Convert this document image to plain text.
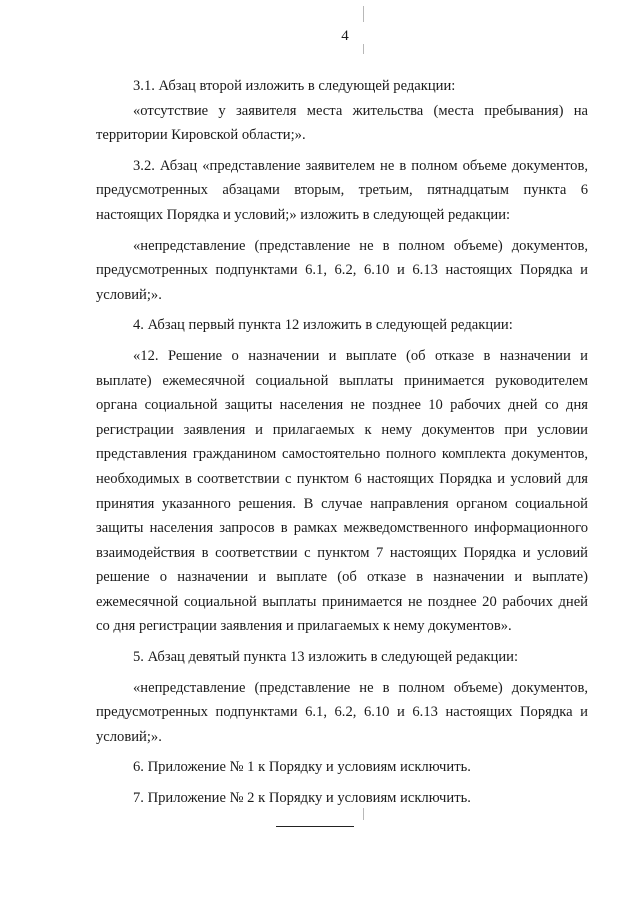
4

3.1. Абзац второй изложить в следующей редакции:

«отсутствие у заявителя места жительства (места пребывания) на территории Кировской области;».

3.2. Абзац «представление заявителем не в полном объеме документов, предусмотренных абзацами вторым, третьим, пятнадцатым пункта 6 настоящих Порядка и условий;» изложить в следующей редакции:

«непредставление (представление не в полном объеме) документов, предусмотренных подпунктами 6.1, 6.2, 6.10 и 6.13 настоящих Порядка и условий;».

4. Абзац первый пункта 12 изложить в следующей редакции:

«12. Решение о назначении и выплате (об отказе в назначении и выплате) ежемесячной социальной выплаты принимается руководителем органа социальной защиты населения не позднее 10 рабочих дней со дня регистрации заявления и прилагаемых к нему документов при условии представления гражданином самостоятельно полного комплекта документов, необходимых в соответствии с пунктом 6 настоящих Порядка и условий для принятия указанного решения. В случае направления органом социальной защиты населения запросов в рамках межведомственного информационного взаимодействия в соответствии с пунктом 7 настоящих Порядка и условий решение о назначении и выплате (об отказе в назначении и выплате) ежемесячной социальной выплаты принимается не позднее 20 рабочих дней со дня регистрации заявления и прилагаемых к нему документов».

5. Абзац девятый пункта 13 изложить в следующей редакции:

«непредставление (представление не в полном объеме) документов, предусмотренных подпунктами 6.1, 6.2, 6.10 и 6.13 настоящих Порядка и условий;».

6. Приложение № 1 к Порядку и условиям исключить.

7. Приложение № 2 к Порядку и условиям исключить.
